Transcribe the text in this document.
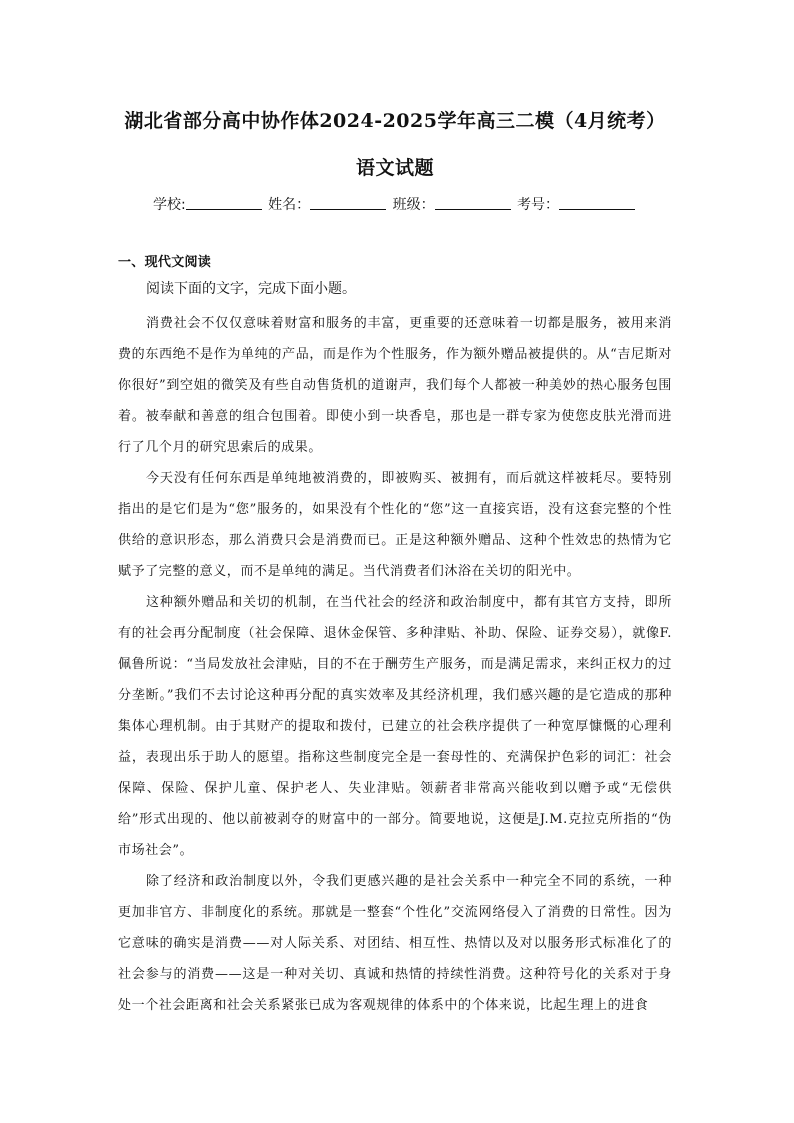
湖北省部分高中协作体2024-2025学年高三二模（4月统考）语文试题
学校:	姓名：	班级：	考号：
一、现代文阅读

阅读下面的文字，完成下面小题。

消费社会不仅仅意味着财富和服务的丰富，更重要的还意味着一切都是服务，被用来消费的东西绝不是作为单纯的产品，而是作为个性服务，作为额外赠品被提供的。从“吉尼斯对你很好”到空姐的微笑及有些自动售货机的道谢声，我们每个人都被一种美妙的热心服务包围着。被奉献和善意的组合包围着。即使小到一块香皂，那也是一群专家为使您皮肤光滑而进行了几个月的研究思索后的成果。

今天没有任何东西是单纯地被消费的，即被购买、被拥有，而后就这样被耗尽。要特别指出的是它们是为“您”服务的，如果没有个性化的“您”这一直接宾语，没有这套完整的个性供给的意识形态，那么消费只会是消费而已。正是这种额外赠品、这种个性效忠的热情为它赋予了完整的意义，而不是单纯的满足。当代消费者们沐浴在关切的阳光中。

这种额外赠品和关切的机制，在当代社会的经济和政治制度中，都有其官方支持，即所有的社会再分配制度（社会保障、退休金保管、多种津贴、补助、保险、证券交易），就像F.佩鲁所说：“当局发放社会津贴，目的不在于酬劳生产服务，而是满足需求，来纠正权力的过分垄断。”我们不去讨论这种再分配的真实效率及其经济机理，我们感兴趣的是它造成的那种集体心理机制。由于其财产的提取和拨付，已建立的社会秩序提供了一种宽厚慷慨的心理利益，表现出乐于助人的愿望。指称这些制度完全是一套母性的、充满保护色彩的词汇：社会保障、保险、保护儿童、保护老人、失业津贴。领薪者非常高兴能收到以赠予或“无偿供给”形式出现的、他以前被剥夺的财富中的一部分。简要地说，这便是J.M.克拉克所指的“伪市场社会”。

除了经济和政治制度以外，令我们更感兴趣的是社会关系中一种完全不同的系统，一种更加非官方、非制度化的系统。那就是一整套“个性化”交流网络侵入了消费的日常性。因为它意味的确实是消费——对人际关系、对团结、相互性、热情以及对以服务形式标准化了的社会参与的消费——这是一种对关切、真诚和热情的持续性消费。这种符号化的关系对于身处一个社会距离和社会关系紧张已成为客观规律的体系中的个体来说，比起生理上的进食
